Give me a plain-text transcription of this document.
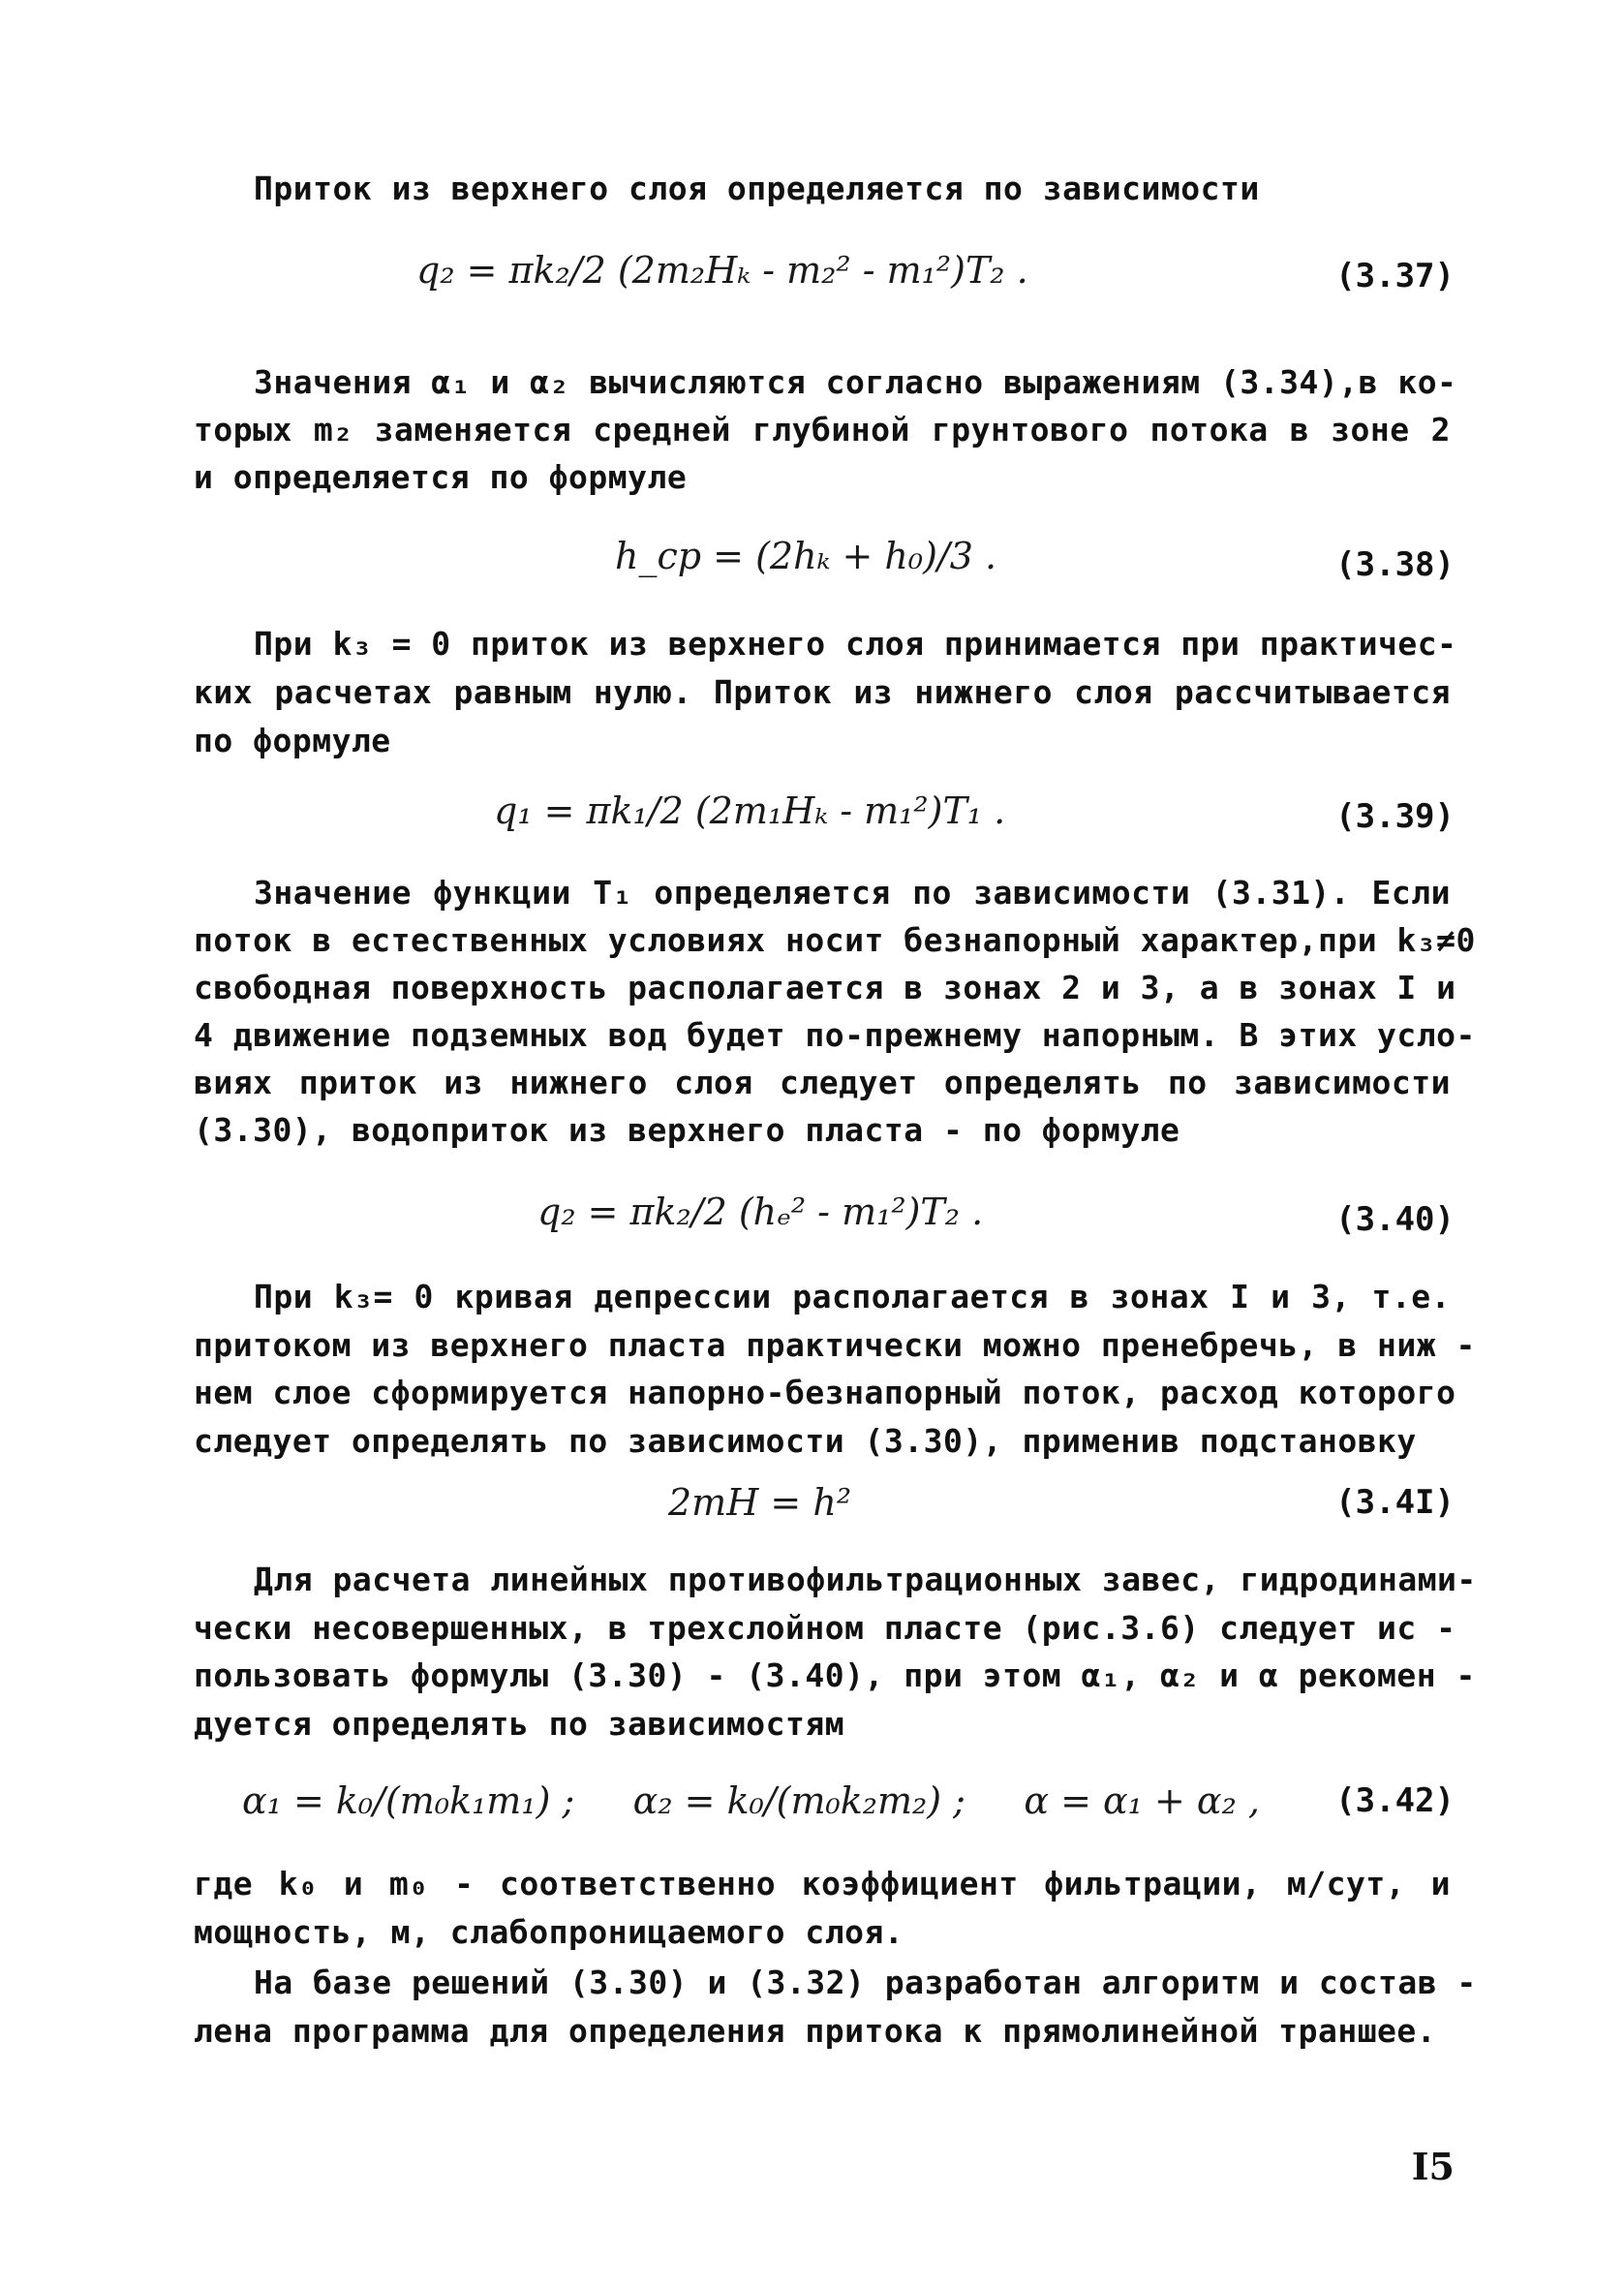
Приток из верхнего слоя определяется по зависимости
q₂ = πk₂/2 (2m₂Hₖ - m₂² - m₁²)T₂ .	(3.37)
Значения α₁ и α₂ вычисляются согласно выражениям (3.34),в ко-
торых m₂ заменяется средней глубиной грунтового потока в зоне 2
и определяется по формуле
h_cp = (2hₖ + h₀)/3 .	(3.38)
При k₃ = 0 приток из верхнего слоя принимается при практичес-
ких расчетах равным нулю. Приток из нижнего слоя рассчитывается
по формуле
q₁ = πk₁/2 (2m₁Hₖ - m₁²)T₁ .	(3.39)
Значение функции T₁ определяется по зависимости (3.31). Если
поток в естественных условиях носит безнапорный характер,при k₃≠0
свободная поверхность располагается в зонах 2 и 3, а в зонах I и
4 движение подземных вод будет по-прежнему напорным. В этих усло-
виях приток из нижнего слоя следует определять по зависимости
(3.30), водоприток из верхнего пласта - по формуле
q₂ = πk₂/2 (hₑ² - m₁²)T₂ .	(3.40)
При k₃= 0 кривая депрессии располагается в зонах I и 3, т.е.
притоком из верхнего пласта практически можно пренебречь, в ниж -
нем слое сформируется напорно-безнапорный поток, расход которого
следует определять по зависимости (3.30), применив подстановку
2mH = h²	(3.4I)
Для расчета линейных противофильтрационных завес, гидродинами-
чески несовершенных, в трехслойном пласте (рис.3.6) следует ис -
пользовать формулы (3.30) - (3.40), при этом α₁, α₂ и α рекомен -
дуется определять по зависимостям
α₁ = k₀/(m₀k₁m₁) ;     α₂ = k₀/(m₀k₂m₂) ;     α = α₁ + α₂ , (3.42)
где k₀ и m₀ - соответственно коэффициент фильтрации, м/сут, и
мощность, м, слабопроницаемого слоя.
На базе решений (3.30) и (3.32) разработан алгоритм и состав -
лена программа для определения притока к прямолинейной траншее.
I5
